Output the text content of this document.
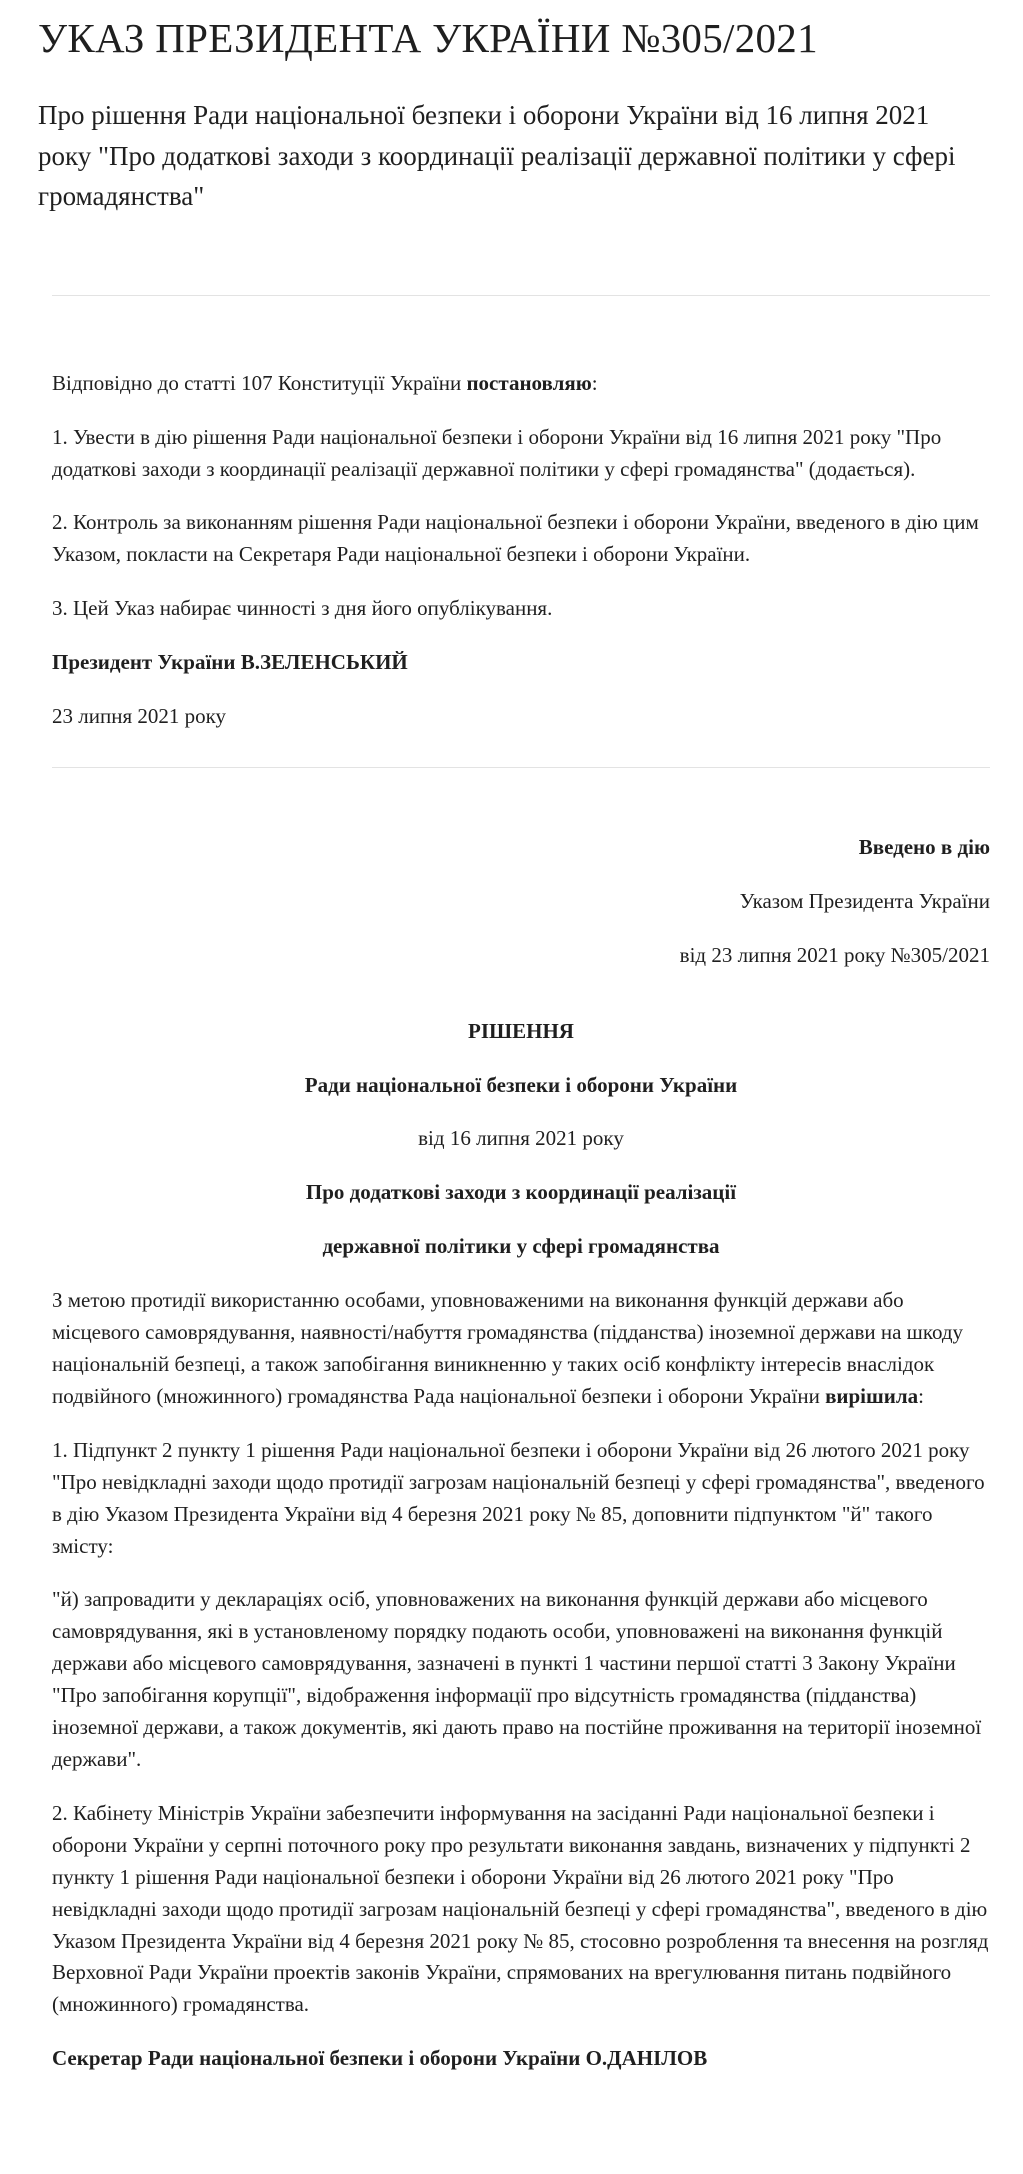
УКАЗ ПРЕЗИДЕНТА УКРАЇНИ №305/2021
Про рішення Ради національної безпеки і оборони України від 16 липня 2021 року "Про додаткові заходи з координації реалізації державної політики у сфері громадянства"

Відповідно до статті 107 Конституції України постановляю:

1. Увести в дію рішення Ради національної безпеки і оборони України від 16 липня 2021 року "Про додаткові заходи з координації реалізації державної політики у сфері громадянства" (додається).

2. Контроль за виконанням рішення Ради національної безпеки і оборони України, введеного в дію цим Указом, покласти на Секретаря Ради національної безпеки і оборони України.

3. Цей Указ набирає чинності з дня його опублікування.

Президент України В.ЗЕЛЕНСЬКИЙ

23 липня 2021 року

Введено в дію

Указом Президента України

від 23 липня 2021 року №305/2021

РІШЕННЯ

Ради національної безпеки і оборони України

від 16 липня 2021 року

Про додаткові заходи з координації реалізації

державної політики у сфері громадянства

З метою протидії використанню особами, уповноваженими на виконання функцій держави або місцевого самоврядування, наявності/набуття громадянства (підданства) іноземної держави на шкоду національній безпеці, а також запобігання виникненню у таких осіб конфлікту інтересів внаслідок подвійного (множинного) громадянства Рада національної безпеки і оборони України вирішила:

1. Підпункт 2 пункту 1 рішення Ради національної безпеки і оборони України від 26 лютого 2021 року "Про невідкладні заходи щодо протидії загрозам національній безпеці у сфері громадянства", введеного в дію Указом Президента України від 4 березня 2021 року № 85, доповнити підпунктом "й" такого змісту:

"й) запровадити у деклараціях осіб, уповноважених на виконання функцій держави або місцевого самоврядування, які в установленому порядку подають особи, уповноважені на виконання функцій держави або місцевого самоврядування, зазначені в пункті 1 частини першої статті 3 Закону України "Про запобігання корупції", відображення інформації про відсутність громадянства (підданства) іноземної держави, а також документів, які дають право на постійне проживання на території іноземної держави".

2. Кабінету Міністрів України забезпечити інформування на засіданні Ради національної безпеки і оборони України у серпні поточного року про результати виконання завдань, визначених у підпункті 2 пункту 1 рішення Ради національної безпеки і оборони України від 26 лютого 2021 року "Про невідкладні заходи щодо протидії загрозам національній безпеці у сфері громадянства", введеного в дію Указом Президента України від 4 березня 2021 року № 85, стосовно розроблення та внесення на розгляд Верховної Ради України проектів законів України, спрямованих на врегулювання питань подвійного (множинного) громадянства.

Секретар Ради національної безпеки і оборони України О.ДАНІЛОВ
